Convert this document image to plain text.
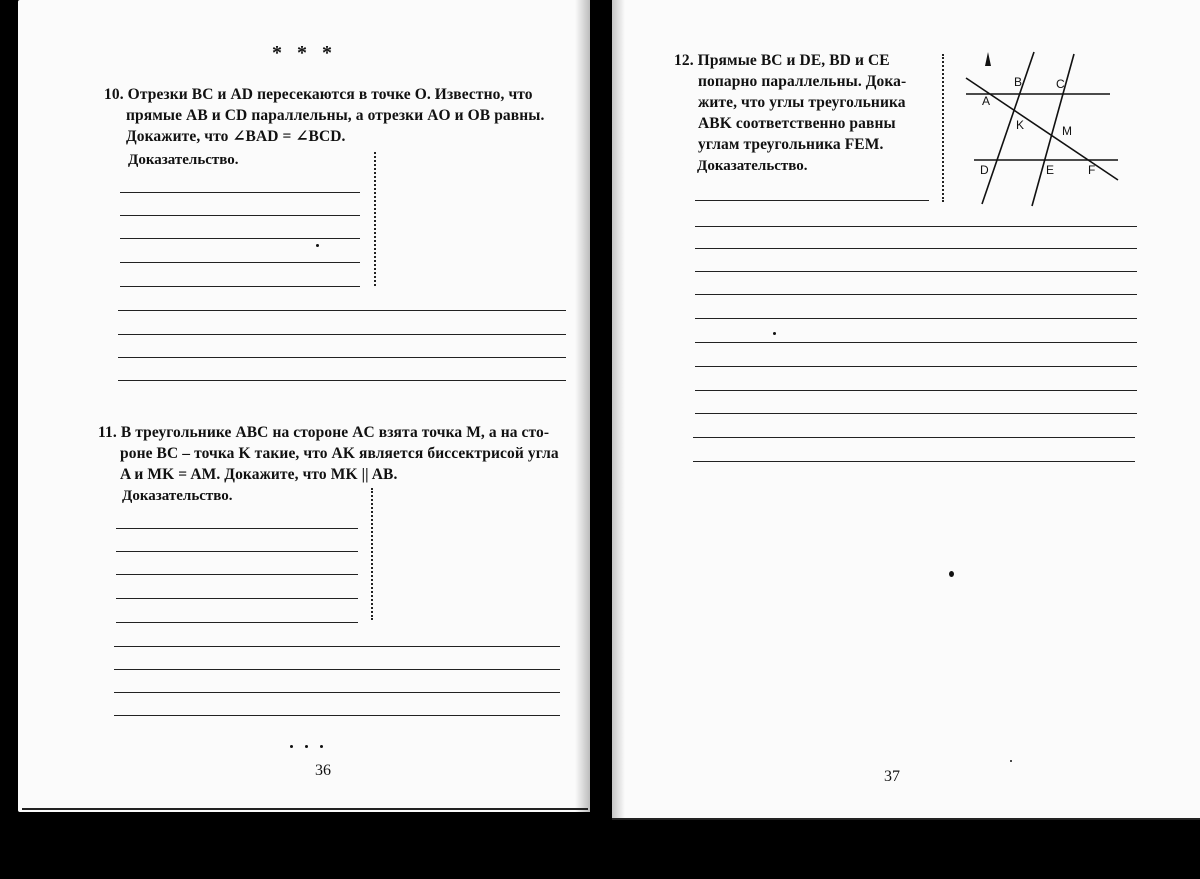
*   *   *
10. Отрезки BC и AD пересекаются в точке O. Известно, что
прямые AB и CD параллельны, а отрезки AO и OB равны.
Докажите, что ∠BAD = ∠BCD.
Доказательство.
11. В треугольнике ABC на стороне AC взята точка M, а на сто-
роне BC – точка K такие, что AK является биссектрисой угла
A и MK = AM. Докажите, что MK || AB.
Доказательство.
36
12. Прямые BC и DE, BD и CE
попарно параллельны. Дока-
жите, что углы треугольника
ABK соответственно равны
углам треугольника FEM.
Доказательство.
B	C
A
K	M
D	E	F
37
